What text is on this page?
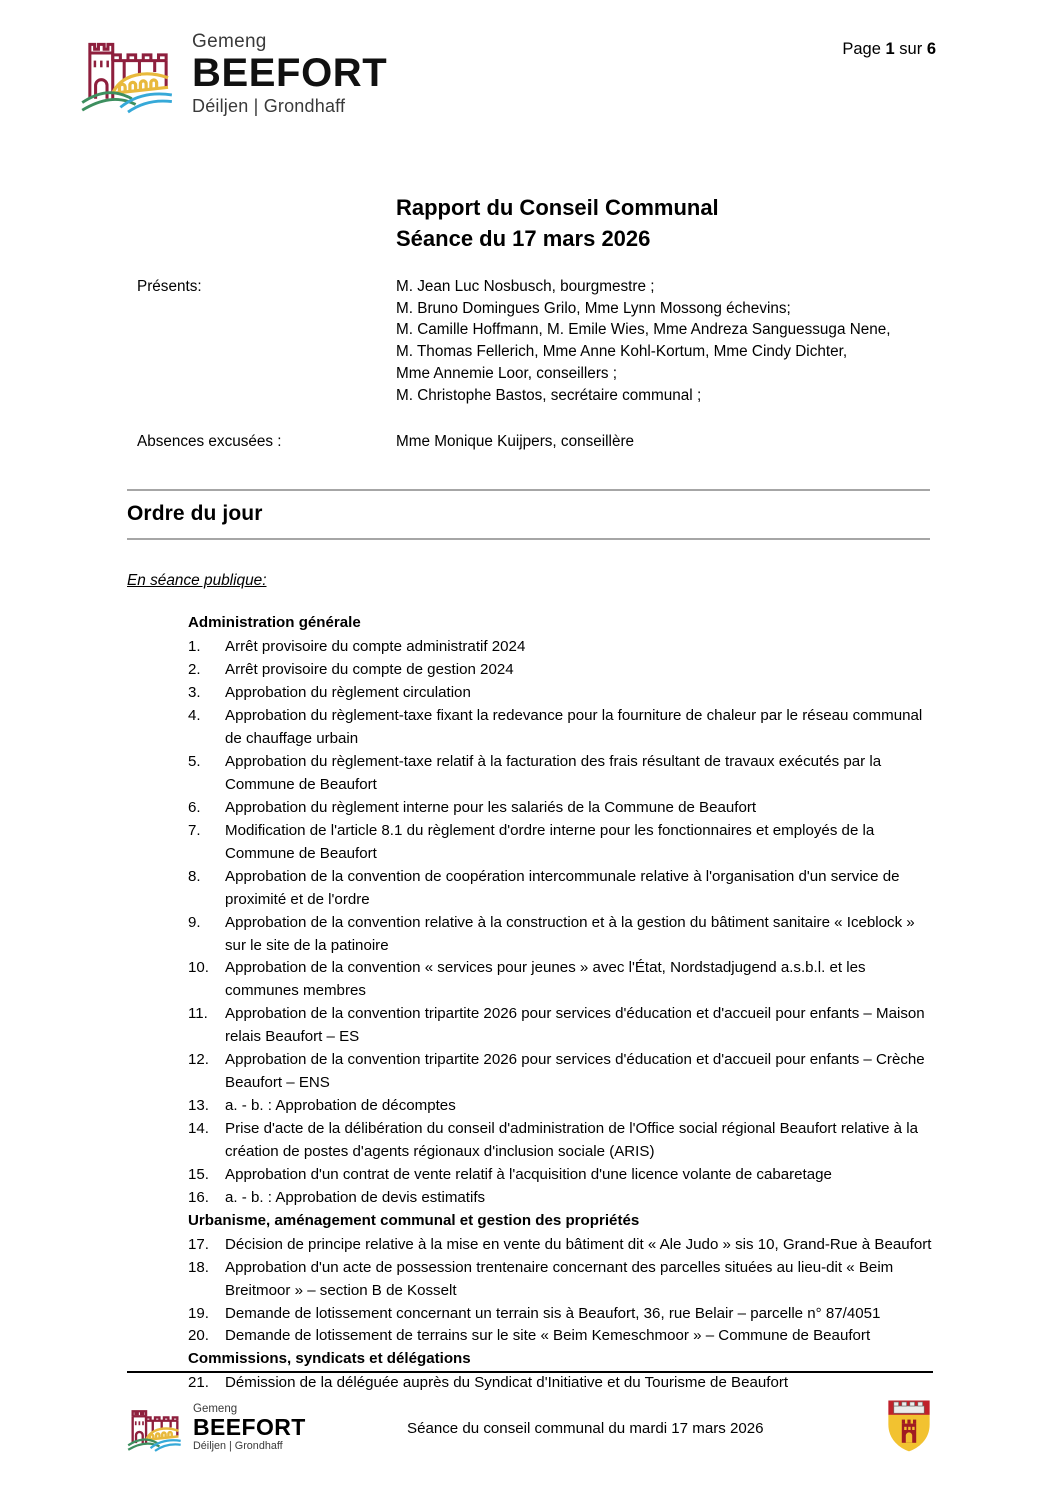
Gemeng
BEEFORT
Déiljen | Grondhaff
Page 1 sur 6
Rapport du Conseil Communal
Séance du 17 mars 2026
Présents:	M. Jean Luc Nosbusch, bourgmestre ;
M. Bruno Domingues Grilo, Mme Lynn Mossong échevins;
M. Camille Hoffmann, M. Emile Wies, Mme Andreza Sanguessuga Nene,
M. Thomas Fellerich, Mme Anne Kohl-Kortum, Mme Cindy Dichter,
Mme Annemie Loor, conseillers ;
M. Christophe Bastos, secrétaire communal ;
Absences excusées :	Mme Monique Kuijpers, conseillère
Ordre du jour
En séance publique:
Administration générale
1.	Arrêt provisoire du compte administratif 2024
2.	Arrêt provisoire du compte de gestion 2024
3.	Approbation du règlement circulation
4.	Approbation du règlement-taxe fixant la redevance pour la fourniture de chaleur par le réseau communal de chauffage urbain
5.	Approbation du règlement-taxe relatif à la facturation des frais résultant de travaux exécutés par la Commune de Beaufort
6.	Approbation du règlement interne pour les salariés de la Commune de Beaufort
7.	Modification de l'article 8.1 du règlement d'ordre interne pour les fonctionnaires et employés de la Commune de Beaufort
8.	Approbation de la convention de coopération intercommunale relative à l'organisation d'un service de proximité et de l'ordre
9.	Approbation de la convention relative à la construction et à la gestion du bâtiment sanitaire « Iceblock » sur le site de la patinoire
10.	Approbation de la convention « services pour jeunes » avec l'État, Nordstadjugend a.s.b.l. et les communes membres
11.	Approbation de la convention tripartite 2026 pour services d'éducation et d'accueil pour enfants – Maison relais Beaufort – ES
12.	Approbation de la convention tripartite 2026 pour services d'éducation et d'accueil pour enfants – Crèche Beaufort – ENS
13.	a. - b. : Approbation de décomptes
14.	Prise d'acte de la délibération du conseil d'administration de l'Office social régional Beaufort relative à la création de postes d'agents régionaux d'inclusion sociale (ARIS)
15.	Approbation d'un contrat de vente relatif à l'acquisition d'une licence volante de cabaretage
16.	a. - b. : Approbation de devis estimatifs
Urbanisme, aménagement communal et gestion des propriétés
17.	Décision de principe relative à la mise en vente du bâtiment dit « Ale Judo » sis 10, Grand-Rue à Beaufort
18.	Approbation d'un acte de possession trentenaire concernant des parcelles situées au lieu-dit « Beim Breitmoor » – section B de Kosselt
19.	Demande de lotissement concernant un terrain sis à Beaufort, 36, rue Belair – parcelle n° 87/4051
20.	Demande de lotissement de terrains sur le site « Beim Kemeschmoor » – Commune de Beaufort
Commissions, syndicats et délégations
21.	Démission de la déléguée auprès du Syndicat d'Initiative et du Tourisme de Beaufort
Gemeng
BEEFORT
Déiljen | Grondhaff
Séance du conseil communal du mardi 17 mars 2026
